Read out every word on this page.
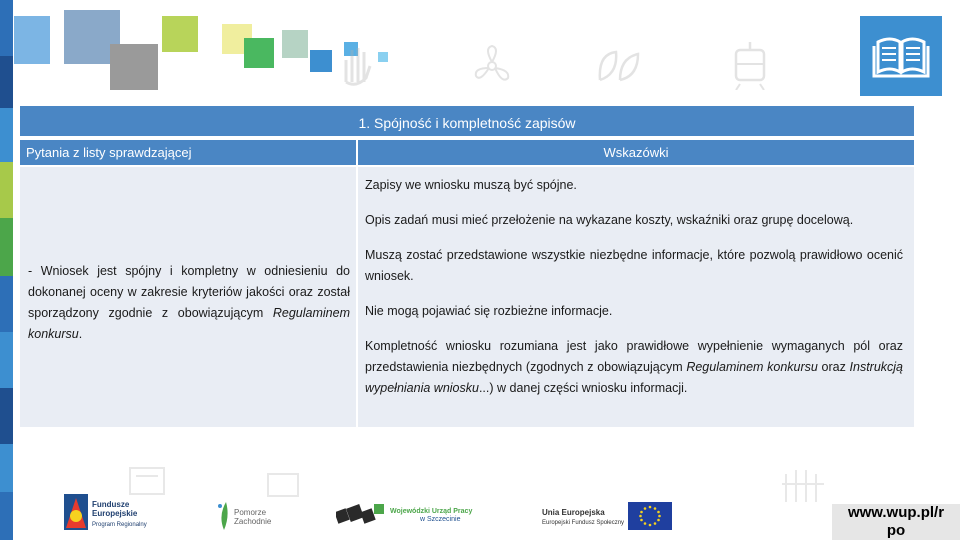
1. Spójność i kompletność zapisów
Pytania z listy sprawdzającej	Wskazówki
- Wniosek jest spójny i kompletny w odniesieniu do dokonanej oceny w zakresie kryteriów jakości oraz został sporządzony zgodnie z obowiązującym Regulaminem konkursu.

Zapisy we wniosku muszą być spójne.

Opis zadań musi mieć przełożenie na wykazane koszty, wskaźniki oraz grupę docelową.

Muszą zostać przedstawione wszystkie niezbędne informacje, które pozwolą prawidłowo ocenić wniosek.

Nie mogą pojawiać się rozbieżne informacje.

Kompletność wniosku rozumiana jest jako prawidłowe wypełnienie wymaganych pól oraz przedstawienia niezbędnych (zgodnych z obowiązującym Regulaminem konkursu oraz Instrukcją wypełniania wniosku...) w danej części wniosku informacji.

Fundusze
Europejskie
Program Regionalny
Pomorze
Zachodnie
Wojewódzki Urząd Pracy
w Szczecinie
Unia Europejska
Europejski Fundusz Społeczny
www.wup.pl/r
po
